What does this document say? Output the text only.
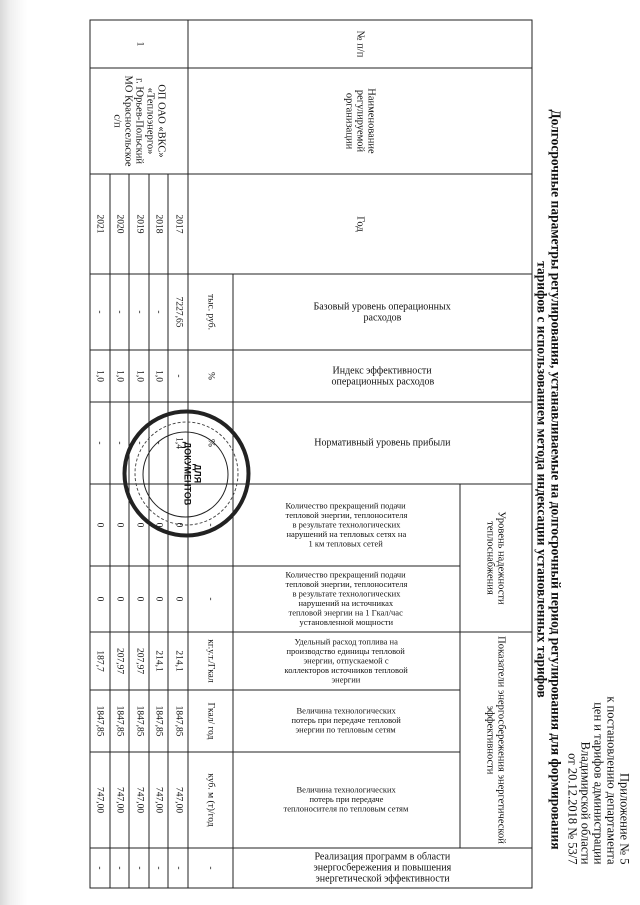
Приложение № 5
к постановлению департамента
цен и тарифов администрации
Владимирской области
от 20.12.2018 № 53/7
Долгосрочные параметры регулирования, устанавливаемые на долгосрочный период регулирования для формирования
тарифов с использованием метода индексации установленных тарифов
№ п/п	Наименование регулируемой организации	Год	Базовый уровень операционных расходов	Индекс эффективности операционных расходов	Нормативный уровень прибыли	Уровень надежности теплоснабжения		Показатели энергосбережения энергетической эффективности			Реализация программ в области энергосбережения и повышения энергетической эффективности

						Количество прекращений подачи тепловой энергии, теплоносителя в результате технологических нарушений на тепловых сетях на 1 км тепловых сетей	Количество прекращений подачи тепловой энергии, теплоносителя в результате технологических нарушений на источниках тепловой энергии на 1 Гкал/час установленной мощности	Удельный расход топлива на производство единицы тепловой энергии, отпускаемой с коллекторов источников тепловой энергии	Величина технологических потерь при передаче тепловой энергии по тепловым сетям	Величина технологических потерь при передаче теплоносителя по тепловым сетям		

			тыс. руб.	%	%	-	-	кг.у.т./Гкал	Гкал/ год	куб. м (т)/год	-	
1	ОП ОАО «ВКС»
«Теплоэнерго»
г. Юрьев-Польский
МО Красносельское с/п	2017	7227,65	-	1,4	0	0	214,1	1847,85	747,00	-	
		2018	-	1,0	-	0	0	214,1	1847,85	747,00	-	
		2019	-	1,0	-	0	0	207,97	1847,85	747,00	-	
		2020	-	1,0	-	0	0	207,97	1847,85	747,00	-	
		2021	-	1,0	-	0	0	187,7	1847,85	747,00	-	
ДЛЯ
ДОКУМЕНТОВ
